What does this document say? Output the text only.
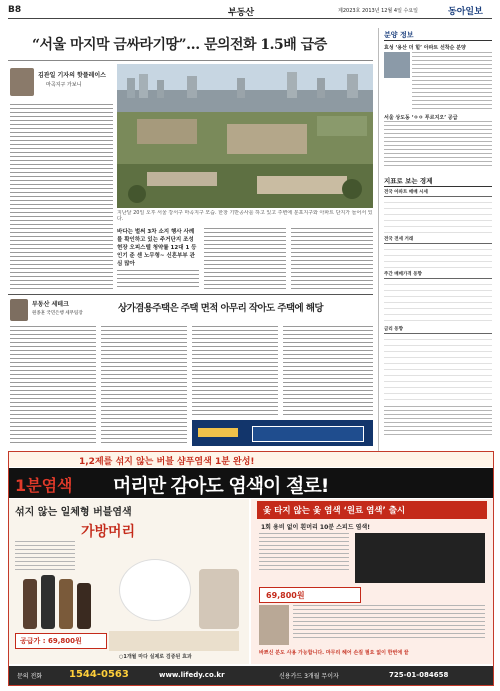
B8	부동산	제2023호 2013년 12월 4일 수요일	동아일보
“서울 마지막 금싸라기땅”… 문의전화 1.5배 급증
김관일 기자의 핫플레이스
마곡지구 가보니
지난달 20일 오후 서울 강서구 마곡지구 모습. 한창 기반공사를 하고 있고 주변에 분포지구와 아파트 단지가 들어서 있다.
바다는 벌써 3차 소지 행사 사례를 확인하고 있는 주거단지 조성 현장 오피스텔 청약률 12대 1 등 인기 준 센 노무형~ 신혼부부 관심 많아
분양 정보
효성 ‘용산 더 힐’ 아파트 선착순 분양
서울 상도동 ‘ㅇㅇ 푸르지오’ 공급
지표로 보는 경제
전국 아파트 매매 시세
전국 전세 거래
주간 매매가격 동향
금리 동향
부동산 세테크
원종훈 국민은행 세무팀장	상가겸용주택은 주택 면적 아무리 작아도 주택에 해당
1,2제를 섞지 않는 버블 샴푸염색 1분 완성!
1분염색 머리만 감아도 염색이 절로!
섞지 않는 일체형 버블염색
가방머리
공급가 : 69,800원
○1개월 마다 실제로 검증된 효과
옻 타지 않는 옻 염색 ‘원료 염색’ 출시
1회 용비 없이 흰머리 10분 스피드 염색!
69,800원
바쁘신 분도 사용 가능합니다. 마무리 헤어 손질 필요 없이 한번에 끝
문의 전화	1544-0563	www.lifedy.co.kr	신용카드 3개월 무이자	725-01-084658
